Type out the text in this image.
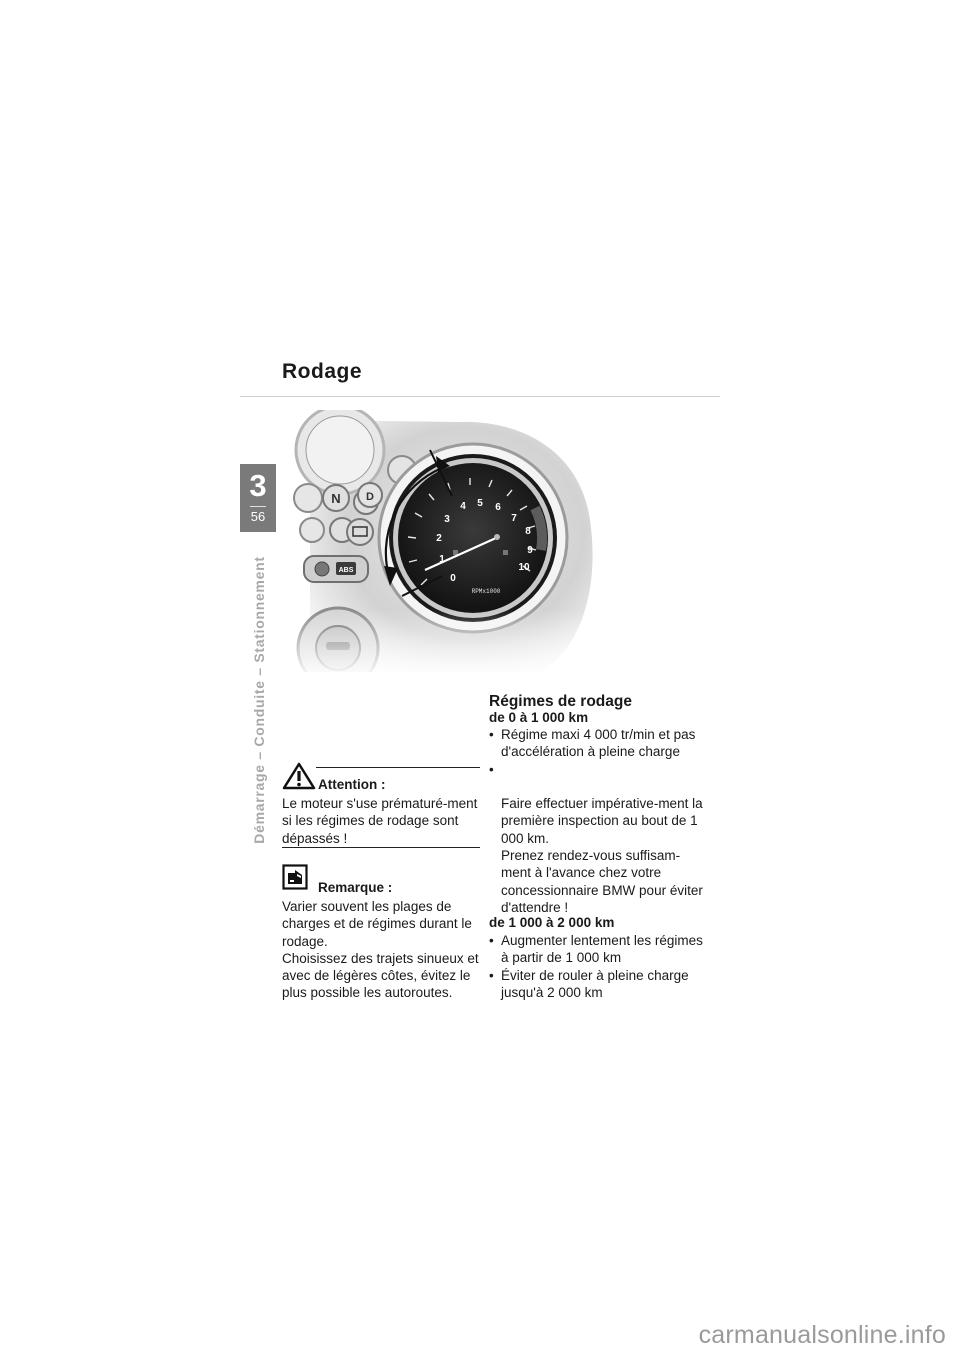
Rodage
3
56
Démarrage – Conduite – Stationnement
N D
ABS
0
1
2
3
4 5 6
7
8
9
10
RPMx1000
Attention :
Le moteur s'use prématuré-ment si les régimes de rodage sont dépassés !
Remarque :
Varier souvent les plages de charges et de régimes durant le rodage.
Choisissez des trajets sinueux et avec de légères côtes, évitez le plus possible les autoroutes.
Régimes de rodage
de 0 à 1 000 km
• Régime maxi 4 000 tr/min et pas d'accélération à pleine charge

•

Faire effectuer impérative-ment la première inspection au bout de 1 000 km.
Prenez rendez-vous suffisam-ment à l'avance chez votre concessionnaire BMW pour éviter d'attendre !

de 1 000 à 2 000 km
• Augmenter lentement les régimes à partir de 1 000 km
• Éviter de rouler à pleine charge jusqu'à 2 000 km
carmanualsonline.info
